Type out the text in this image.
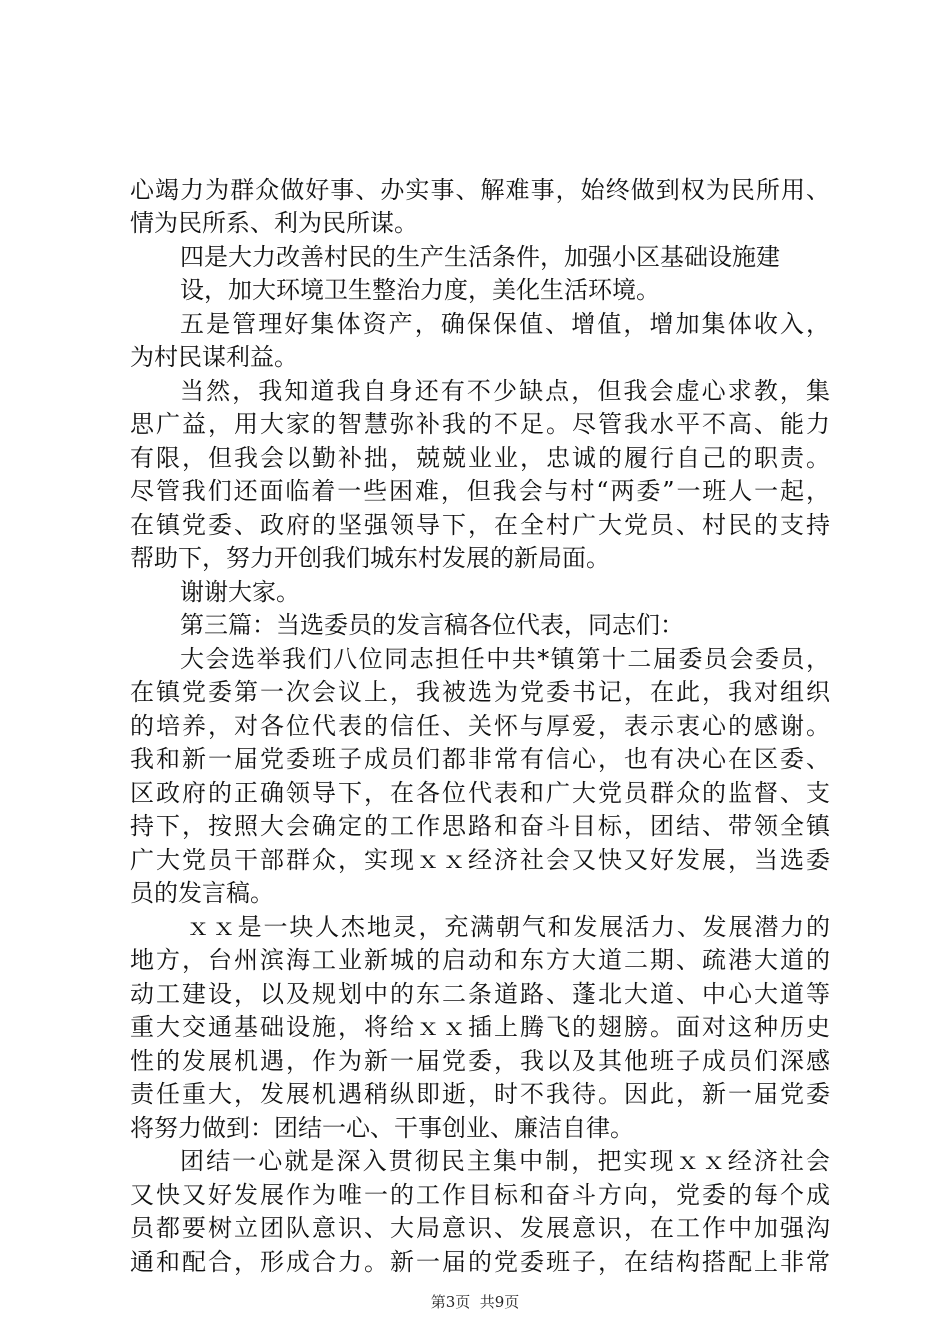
心竭力为群众做好事、办实事、解难事，始终做到权为民所用、
情为民所系、利为民所谋。
四是大力改善村民的生产生活条件，加强小区基础设施建
设，加大环境卫生整治力度，美化生活环境。
五是管理好集体资产，确保保值、增值，增加集体收入，
为村民谋利益。
当然，我知道我自身还有不少缺点，但我会虚心求教，集
思广益，用大家的智慧弥补我的不足。尽管我水平不高、能力
有限，但我会以勤补拙，兢兢业业，忠诚的履行自己的职责。
尽管我们还面临着一些困难，但我会与村“两委”一班人一起，
在镇党委、政府的坚强领导下，在全村广大党员、村民的支持
帮助下，努力开创我们城东村发展的新局面。
谢谢大家。
第三篇：当选委员的发言稿各位代表，同志们：
大会选举我们八位同志担任中共*镇第十二届委员会委员，
在镇党委第一次会议上，我被选为党委书记，在此，我对组织
的培养，对各位代表的信任、关怀与厚爱，表示衷心的感谢。
我和新一届党委班子成员们都非常有信心，也有决心在区委、
区政府的正确领导下，在各位代表和广大党员群众的监督、支
持下，按照大会确定的工作思路和奋斗目标，团结、带领全镇
广大党员干部群众，实现ｘｘ经济社会又快又好发展，当选委
员的发言稿。
ｘｘ是一块人杰地灵，充满朝气和发展活力、发展潜力的
地方，台州滨海工业新城的启动和东方大道二期、疏港大道的
动工建设，以及规划中的东二条道路、蓬北大道、中心大道等
重大交通基础设施，将给ｘｘ插上腾飞的翅膀。面对这种历史
性的发展机遇，作为新一届党委，我以及其他班子成员们深感
责任重大，发展机遇稍纵即逝，时不我待。因此，新一届党委
将努力做到：团结一心、干事创业、廉洁自律。
团结一心就是深入贯彻民主集中制，把实现ｘｘ经济社会
又快又好发展作为唯一的工作目标和奋斗方向，党委的每个成
员都要树立团队意识、大局意识、发展意识，在工作中加强沟
通和配合，形成合力。新一届的党委班子，在结构搭配上非常
第3页  共9页
